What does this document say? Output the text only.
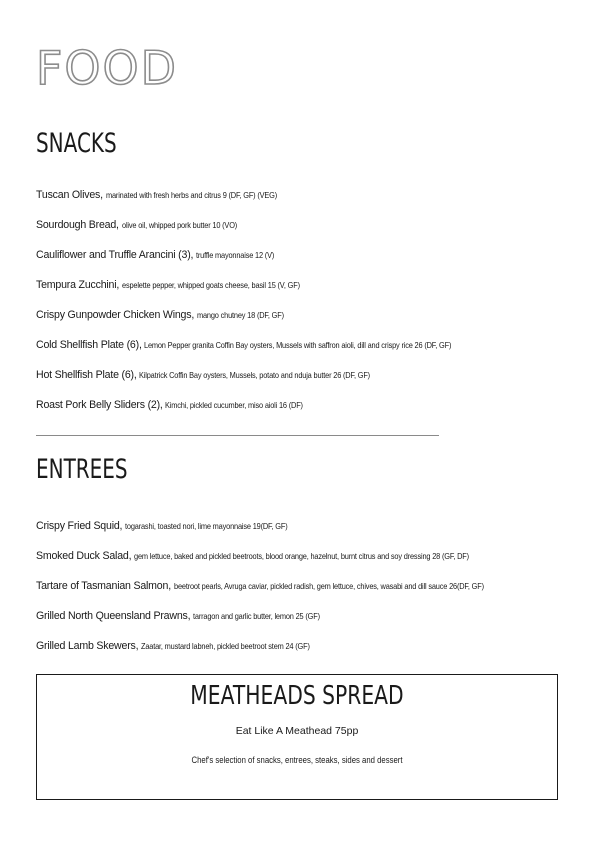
FOOD
SNACKS
Tuscan Olives, marinated with fresh herbs and citrus 9 (DF, GF) (VEG)
Sourdough Bread, olive oil, whipped pork butter 10 (VO)
Cauliflower and Truffle Arancini (3), truffle mayonnaise 12 (V)
Tempura Zucchini, espelette pepper, whipped goats cheese, basil 15 (V, GF)
Crispy Gunpowder Chicken Wings, mango chutney 18 (DF, GF)
Cold Shellfish Plate (6), Lemon Pepper granita Coffin Bay oysters, Mussels with saffron aioli, dill and crispy rice 26 (DF, GF)
Hot Shellfish Plate (6), Kilpatrick Coffin Bay oysters, Mussels, potato and nduja butter 26 (DF, GF)
Roast Pork Belly Sliders (2), Kimchi, pickled cucumber, miso aioli 16 (DF)
ENTREES
Crispy Fried Squid, togarashi, toasted nori, lime mayonnaise 19(DF, GF)
Smoked Duck Salad, gem lettuce, baked and pickled beetroots, blood orange, hazelnut, burnt citrus and soy dressing 28 (GF, DF)
Tartare of Tasmanian Salmon, beetroot pearls, Avruga caviar, pickled radish, gem lettuce, chives, wasabi and dill sauce 26(DF, GF)
Grilled North Queensland Prawns, tarragon and garlic butter, lemon 25 (GF)
Grilled Lamb Skewers, Zaatar, mustard labneh, pickled beetroot stem 24 (GF)
MEATHEADS SPREAD
Eat Like A Meathead 75pp
Chef's selection of snacks, entrees, steaks, sides and dessert
